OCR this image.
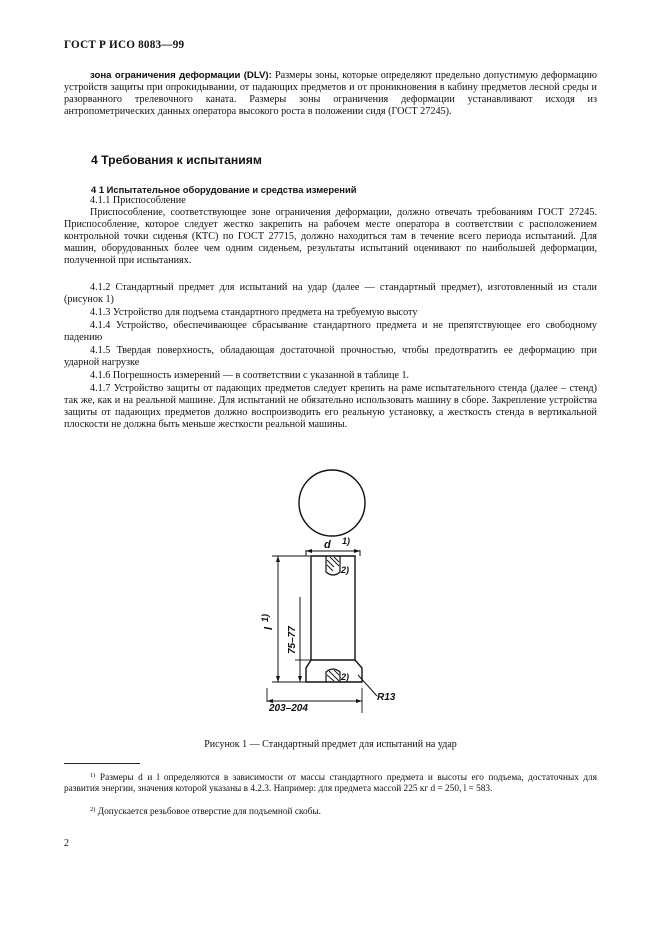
ГОСТ Р ИСО 8083—99
зона ограничения деформации (DLV): Размеры зоны, которые определяют предельно допустимую деформацию устройств защиты при опрокидывании, от падающих предметов и от проникновения в кабину предметов лесной среды и разорванного трелевочного каната. Размеры зоны ограничения деформации устанавливают исходя из антропометрических данных оператора высокого роста в положении сидя (ГОСТ 27245).
4 Требования к испытаниям
4 1 Испытательное оборудование и средства измерений
4.1.1 Приспособление
Приспособление, соответствующее зоне ограничения деформации, должно отвечать требованиям ГОСТ 27245. Приспособление, которое следует жестко закрепить на рабочем месте оператора в соответствии с расположением контрольной точки сиденья (КТС) по ГОСТ 27715, должно находиться там в течение всего периода испытаний. Для машин, оборудованных более чем одним сиденьем, результаты испытаний оценивают по наибольшей деформации, полученной при испытаниях.
4.1.2 Стандартный предмет для испытаний на удар (далее — стандартный предмет), изготовленный из стали (рисунок 1)
4.1.3 Устройство для подъема стандартного предмета на требуемую высоту
4.1.4 Устройство, обеспечивающее сбрасывание стандартного предмета и не препятствующее его свободному падению
4.1.5 Твердая поверхность, обладающая достаточной прочностью, чтобы предотвратить ее деформацию при ударной нагрузке
4.1.6 Погрешность измерений — в соответствии с указанной в таблице 1.
4.1.7 Устройство защиты от падающих предметов следует крепить на раме испытательного стенда (далее – стенд) так же, как и на реальной машине. Для испытаний не обязательно использовать машину в сборе. Закрепление устройства защиты от падающих предметов должно воспроизводить его реальную установку, а жесткость стенда в вертикальной плоскости не должна быть меньше жесткости реальной машины.
d 1)
2)
l
1)
75–77
2)
R13
203–204
Рисунок 1 — Стандартный предмет для испытаний на удар
$^{1)}$ Размеры d и l определяются в зависимости от массы стандартного предмета и высоты его подъема, достаточных для развития энергии, значения которой указаны в 4.2.3. Например: для предмета массой 225 кг d = 250, l = 583.
$^{2)}$ Допускается резьбовое отверстие для подъемной скобы.
2
